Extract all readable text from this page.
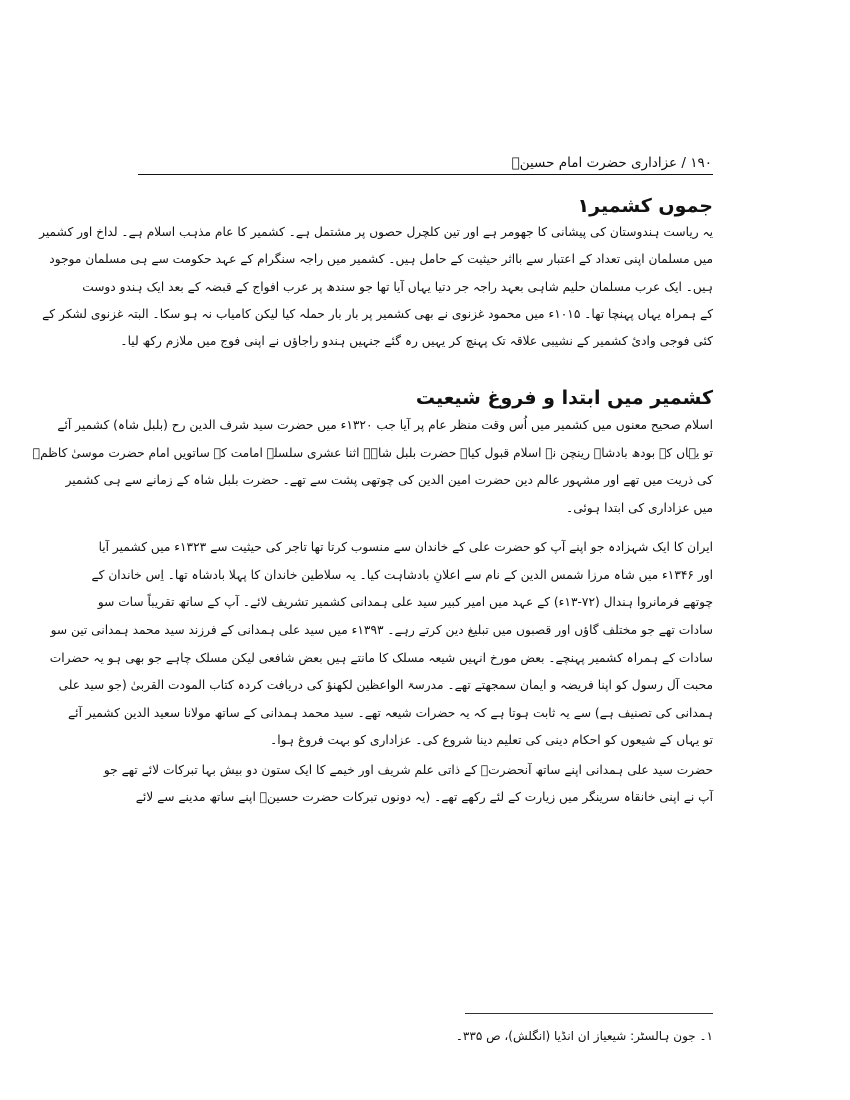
۱۹۰ / عزاداری حضرت امام حسینؑ
جموں کشمیر۱
کشمیر میں ابتدا و فروغ شیعیت
یہ ریاست ہندوستان کی پیشانی کا جھومر ہے اور تین کلچرل حصوں پر مشتمل ہے۔ کشمیر کا عام مذہب اسلام ہے۔ لداخ اور کشمیر
میں مسلمان اپنی تعداد کے اعتبار سے بااثر حیثیت کے حامل ہیں۔ کشمیر میں راجہ سنگرام کے عہد حکومت سے ہی مسلمان موجود
ہیں۔ ایک عرب مسلمان حلیم شاہی بعہد راجہ جر دتیا یہاں آیا تھا جو سندھ پر عرب افواج کے قبضہ کے بعد ایک ہندو دوست
کے ہمراہ یہاں پہنچا تھا۔ ۱۰۱۵ء میں محمود غزنوی نے بھی کشمیر پر بار بار حملہ کیا لیکن کامیاب نہ ہو سکا۔ البتہ غزنوی لشکر کے
کئی فوجی وادیٔ کشمیر کے نشیبی علاقہ تک پہنچ کر یہیں رہ گئے جنہیں ہندو راجاؤں نے اپنی فوج میں ملازم رکھ لیا۔
اسلام صحیح معنوں میں کشمیر میں اُس وقت منظر عام پر آیا جب ۱۳۲۰ء میں حضرت سید شرف الدین رح (بلبل شاہ) کشمیر آئے
تو یہاں کے بودھ بادشاہ رینچن نے اسلام قبول کیا۔ حضرت بلبل شاہؒ اثنا عشری سلسلۂ امامت کے ساتویں امام حضرت موسیٰ کاظمؑ
کی ذریت میں تھے اور مشہور عالم دین حضرت امین الدین کی چوتھی پشت سے تھے۔ حضرت بلبل شاہ کے زمانے سے ہی کشمیر
میں عزاداری کی ابتدا ہوئی۔
ایران کا ایک شہزادہ جو اپنے آپ کو حضرت علی کے خاندان سے منسوب کرتا تھا تاجر کی حیثیت سے ۱۳۲۳ء میں کشمیر آیا
اور ۱۳۴۶ء میں شاہ مرزا شمس الدین کے نام سے اعلانِ بادشاہت کیا۔ یہ سلاطین خاندان کا پہلا بادشاہ تھا۔ اِس خاندان کے
چوتھے فرمانروا ہندال (۷۲-۱۳ء) کے عہد میں امیر کبیر سید علی ہمدانی کشمیر تشریف لائے۔ آپ کے ساتھ تقریباً سات سو
سادات تھے جو مختلف گاؤں اور قصبوں میں تبلیغ دین کرتے رہے۔ ۱۳۹۳ء میں سید علی ہمدانی کے فرزند سید محمد ہمدانی تین سو
سادات کے ہمراہ کشمیر پہنچے۔ بعض مورخ انہیں شیعہ مسلک کا مانتے ہیں بعض شافعی لیکن مسلک چاہے جو بھی ہو یہ حضرات
محبت آل رسول کو اپنا فریضہ و ایمان سمجھتے تھے۔ مدرسۃ الواعظین لکھنؤ کی دریافت کردہ کتاب المودت القربیٰ (جو سید علی
ہمدانی کی تصنیف ہے) سے یہ ثابت ہوتا ہے کہ یہ حضرات شیعہ تھے۔ سید محمد ہمدانی کے ساتھ مولانا سعید الدین کشمیر آئے
تو یہاں کے شیعوں کو احکام دینی کی تعلیم دینا شروع کی۔ عزاداری کو بہت فروغ ہوا۔
حضرت سید علی ہمدانی اپنے ساتھ آنحضرتؐ کے ذاتی علم شریف اور خیمے کا ایک ستون دو بیش بہا تبرکات لائے تھے جو
آپ نے اپنی خانقاہ سرینگر میں زیارت کے لئے رکھے تھے۔ (یہ دونوں تبرکات حضرت حسینؑ اپنے ساتھ مدینے سے لائے
۱۔ جون ہالسٹر: شیعیاز ان انڈیا (انگلش)، ص ۳۳۵۔
